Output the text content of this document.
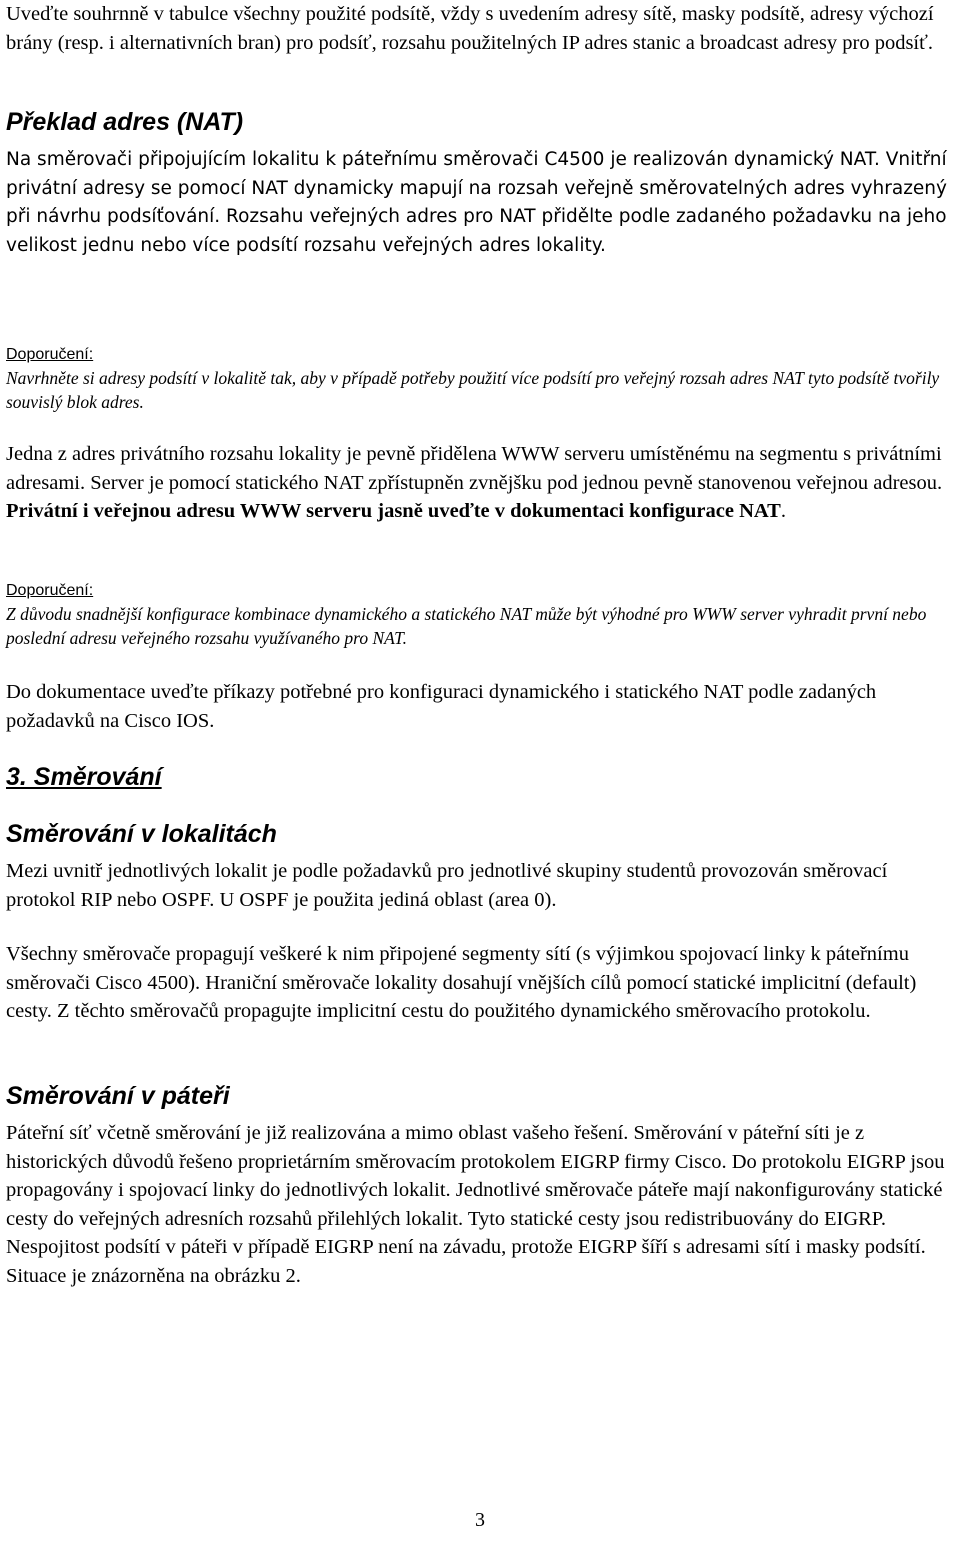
Uveďte souhrnně v tabulce všechny použité podsítě, vždy s uvedením adresy sítě, masky podsítě, adresy výchozí brány (resp. i alternativních bran) pro podsíť, rozsahu použitelných IP adres stanic a broadcast adresy pro podsíť.

Překlad adres (NAT)

Na směrovači připojujícím lokalitu k páteřnímu směrovači C4500 je realizován dynamický NAT. Vnitřní privátní adresy se pomocí NAT dynamicky mapují na rozsah veřejně směrovatelných adres vyhrazený při návrhu podsíťování. Rozsahu veřejných adres pro NAT přidělte podle zadaného požadavku na jeho velikost jednu nebo více podsítí rozsahu veřejných adres lokality.

Doporučení:

Navrhněte si adresy podsítí v lokalitě tak, aby v případě potřeby použití více podsítí pro veřejný rozsah adres NAT tyto podsítě tvořily souvislý blok adres.

Jedna z adres privátního rozsahu lokality je pevně přidělena WWW serveru umístěnému na segmentu s privátními adresami. Server je pomocí statického NAT zpřístupněn zvnějšku pod jednou pevně stanovenou veřejnou adresou. Privátní i veřejnou adresu WWW serveru jasně uveďte v dokumentaci konfigurace NAT.

Doporučení:

Z důvodu snadnější konfigurace kombinace dynamického a statického NAT může být výhodné pro WWW server vyhradit první nebo poslední adresu veřejného rozsahu využívaného pro NAT.

Do dokumentace uveďte příkazy potřebné pro konfiguraci dynamického i statického NAT podle zadaných požadavků na Cisco IOS.

3. Směrování
Směrování v lokalitách

Mezi uvnitř jednotlivých lokalit je podle požadavků pro jednotlivé skupiny studentů provozován směrovací protokol RIP nebo OSPF. U OSPF je použita jediná oblast (area 0).

Všechny směrovače propagují veškeré k nim připojené segmenty sítí (s výjimkou spojovací linky k páteřnímu směrovači Cisco 4500). Hraniční směrovače lokality dosahují vnějších cílů pomocí statické implicitní (default) cesty. Z těchto směrovačů propagujte implicitní cestu do použitého dynamického směrovacího protokolu.

Směrování v páteři

Páteřní síť včetně směrování je již realizována a mimo oblast vašeho řešení. Směrování v páteřní síti je z historických důvodů řešeno proprietárním směrovacím protokolem EIGRP firmy Cisco. Do protokolu EIGRP jsou propagovány i spojovací linky do jednotlivých lokalit. Jednotlivé směrovače páteře mají nakonfigurovány statické cesty do veřejných adresních rozsahů přilehlých lokalit. Tyto statické cesty jsou redistribuovány do EIGRP. Nespojitost podsítí v páteři v případě EIGRP není na závadu, protože EIGRP šíří s adresami sítí i masky podsítí. Situace je znázorněna na obrázku 2.

3
